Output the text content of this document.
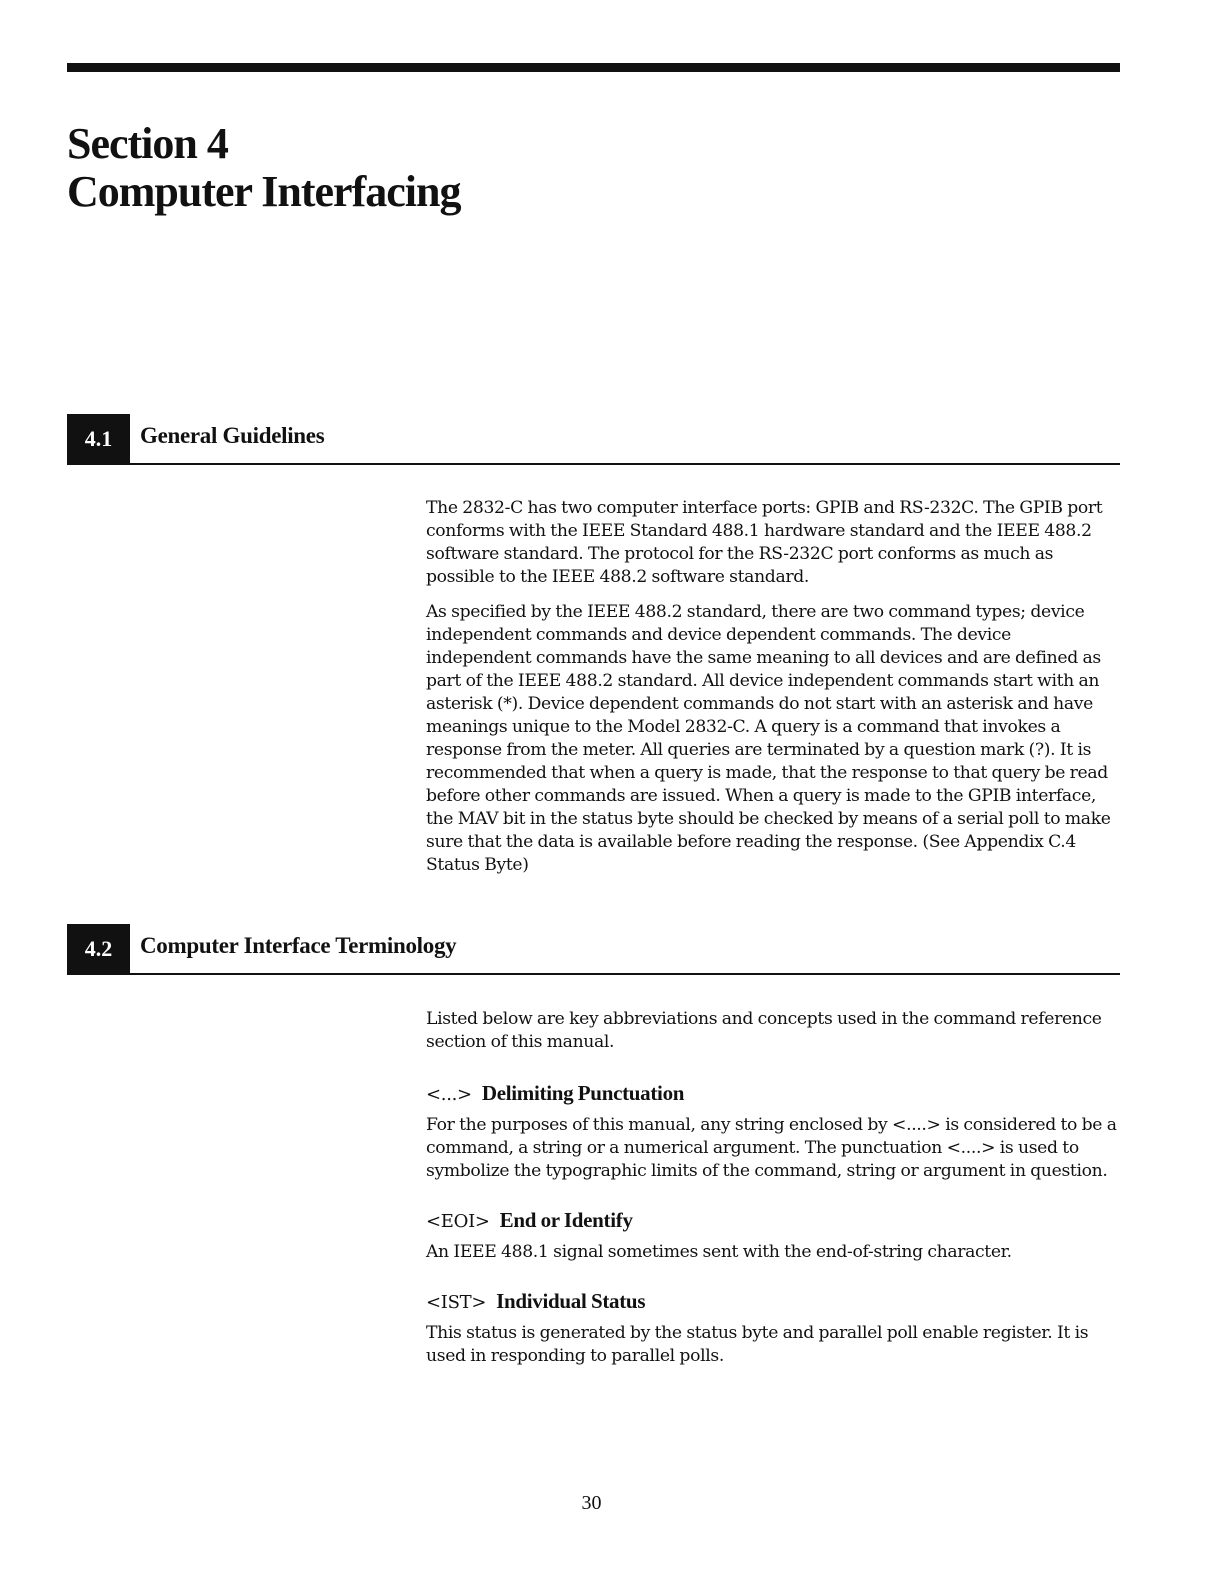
Section 4
Computer Interfacing
4.1	General Guidelines

The 2832-C has two computer interface ports: GPIB and RS-232C. The GPIB port conforms with the IEEE Standard 488.1 hardware standard and the IEEE 488.2 software standard. The protocol for the RS-232C port conforms as much as possible to the IEEE 488.2 software standard.

As specified by the IEEE 488.2 standard, there are two command types; device independent commands and device dependent commands. The device independent commands have the same meaning to all devices and are defined as part of the IEEE 488.2 standard. All device independent commands start with an asterisk (*). Device dependent commands do not start with an asterisk and have meanings unique to the Model 2832-C. A query is a command that invokes a response from the meter. All queries are terminated by a question mark (?). It is recommended that when a query is made, that the response to that query be read before other commands are issued. When a query is made to the GPIB interface, the MAV bit in the status byte should be checked by means of a serial poll to make sure that the data is available before reading the response. (See Appendix C.4 Status Byte)

4.2	Computer Interface Terminology

Listed below are key abbreviations and concepts used in the command reference section of this manual.

<...> Delimiting Punctuation

For the purposes of this manual, any string enclosed by <....> is considered to be a command, a string or a numerical argument. The punctuation <....> is used to symbolize the typographic limits of the command, string or argument in question.

<EOI> End or Identify

An IEEE 488.1 signal sometimes sent with the end-of-string character.

<IST> Individual Status

This status is generated by the status byte and parallel poll enable register. It is used in responding to parallel polls.

30
